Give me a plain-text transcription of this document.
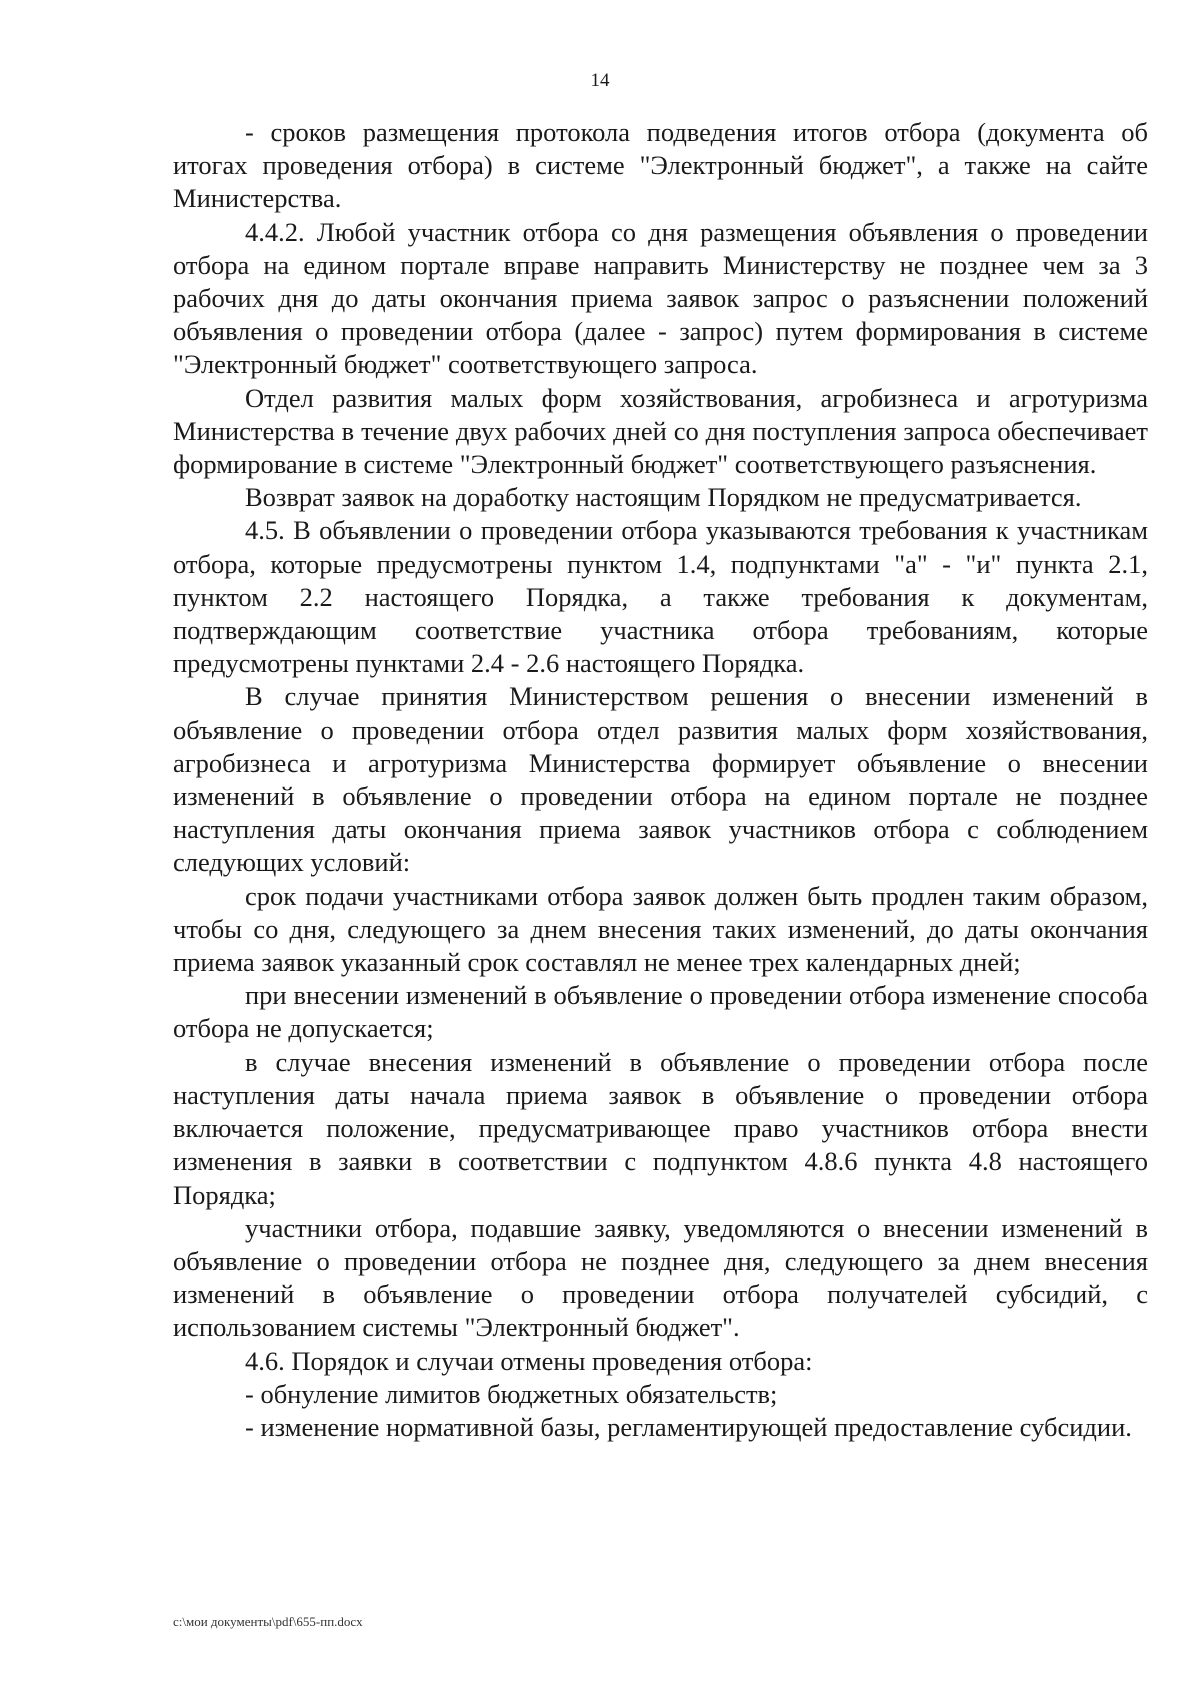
14

- сроков размещения протокола подведения итогов отбора (документа об итогах проведения отбора) в системе "Электронный бюджет", а также на сайте Министерства.

4.4.2. Любой участник отбора со дня размещения объявления о проведении отбора на едином портале вправе направить Министерству не позднее чем за 3 рабочих дня до даты окончания приема заявок запрос о разъяснении положений объявления о проведении отбора (далее - запрос) путем формирования в системе "Электронный бюджет" соответствующего запроса.

Отдел развития малых форм хозяйствования, агробизнеса и агротуризма Министерства в течение двух рабочих дней со дня поступления запроса обеспечивает формирование в системе "Электронный бюджет" соответствующего разъяснения.

Возврат заявок на доработку настоящим Порядком не предусматривается.

4.5. В объявлении о проведении отбора указываются требования к участникам отбора, которые предусмотрены пунктом 1.4, подпунктами "а" - "и" пункта 2.1, пунктом 2.2 настоящего Порядка, а также требования к документам, подтверждающим соответствие участника отбора требованиям, которые предусмотрены пунктами 2.4 - 2.6 настоящего Порядка.

В случае принятия Министерством решения о внесении изменений в объявление о проведении отбора отдел развития малых форм хозяйствования, агробизнеса и агротуризма Министерства формирует объявление о внесении изменений в объявление о проведении отбора на едином портале не позднее наступления даты окончания приема заявок участников отбора с соблюдением следующих условий:

срок подачи участниками отбора заявок должен быть продлен таким образом, чтобы со дня, следующего за днем внесения таких изменений, до даты окончания приема заявок указанный срок составлял не менее трех календарных дней;

при внесении изменений в объявление о проведении отбора изменение способа отбора не допускается;

в случае внесения изменений в объявление о проведении отбора после наступления даты начала приема заявок в объявление о проведении отбора включается положение, предусматривающее право участников отбора внести изменения в заявки в соответствии с подпунктом 4.8.6 пункта 4.8 настоящего Порядка;

участники отбора, подавшие заявку, уведомляются о внесении изменений в объявление о проведении отбора не позднее дня, следующего за днем внесения изменений в объявление о проведении отбора получателей субсидий, с использованием системы "Электронный бюджет".

4.6. Порядок и случаи отмены проведения отбора:

- обнуление лимитов бюджетных обязательств;

- изменение нормативной базы, регламентирующей предоставление субсидии.

c:\мои документы\pdf\655-пп.docx
